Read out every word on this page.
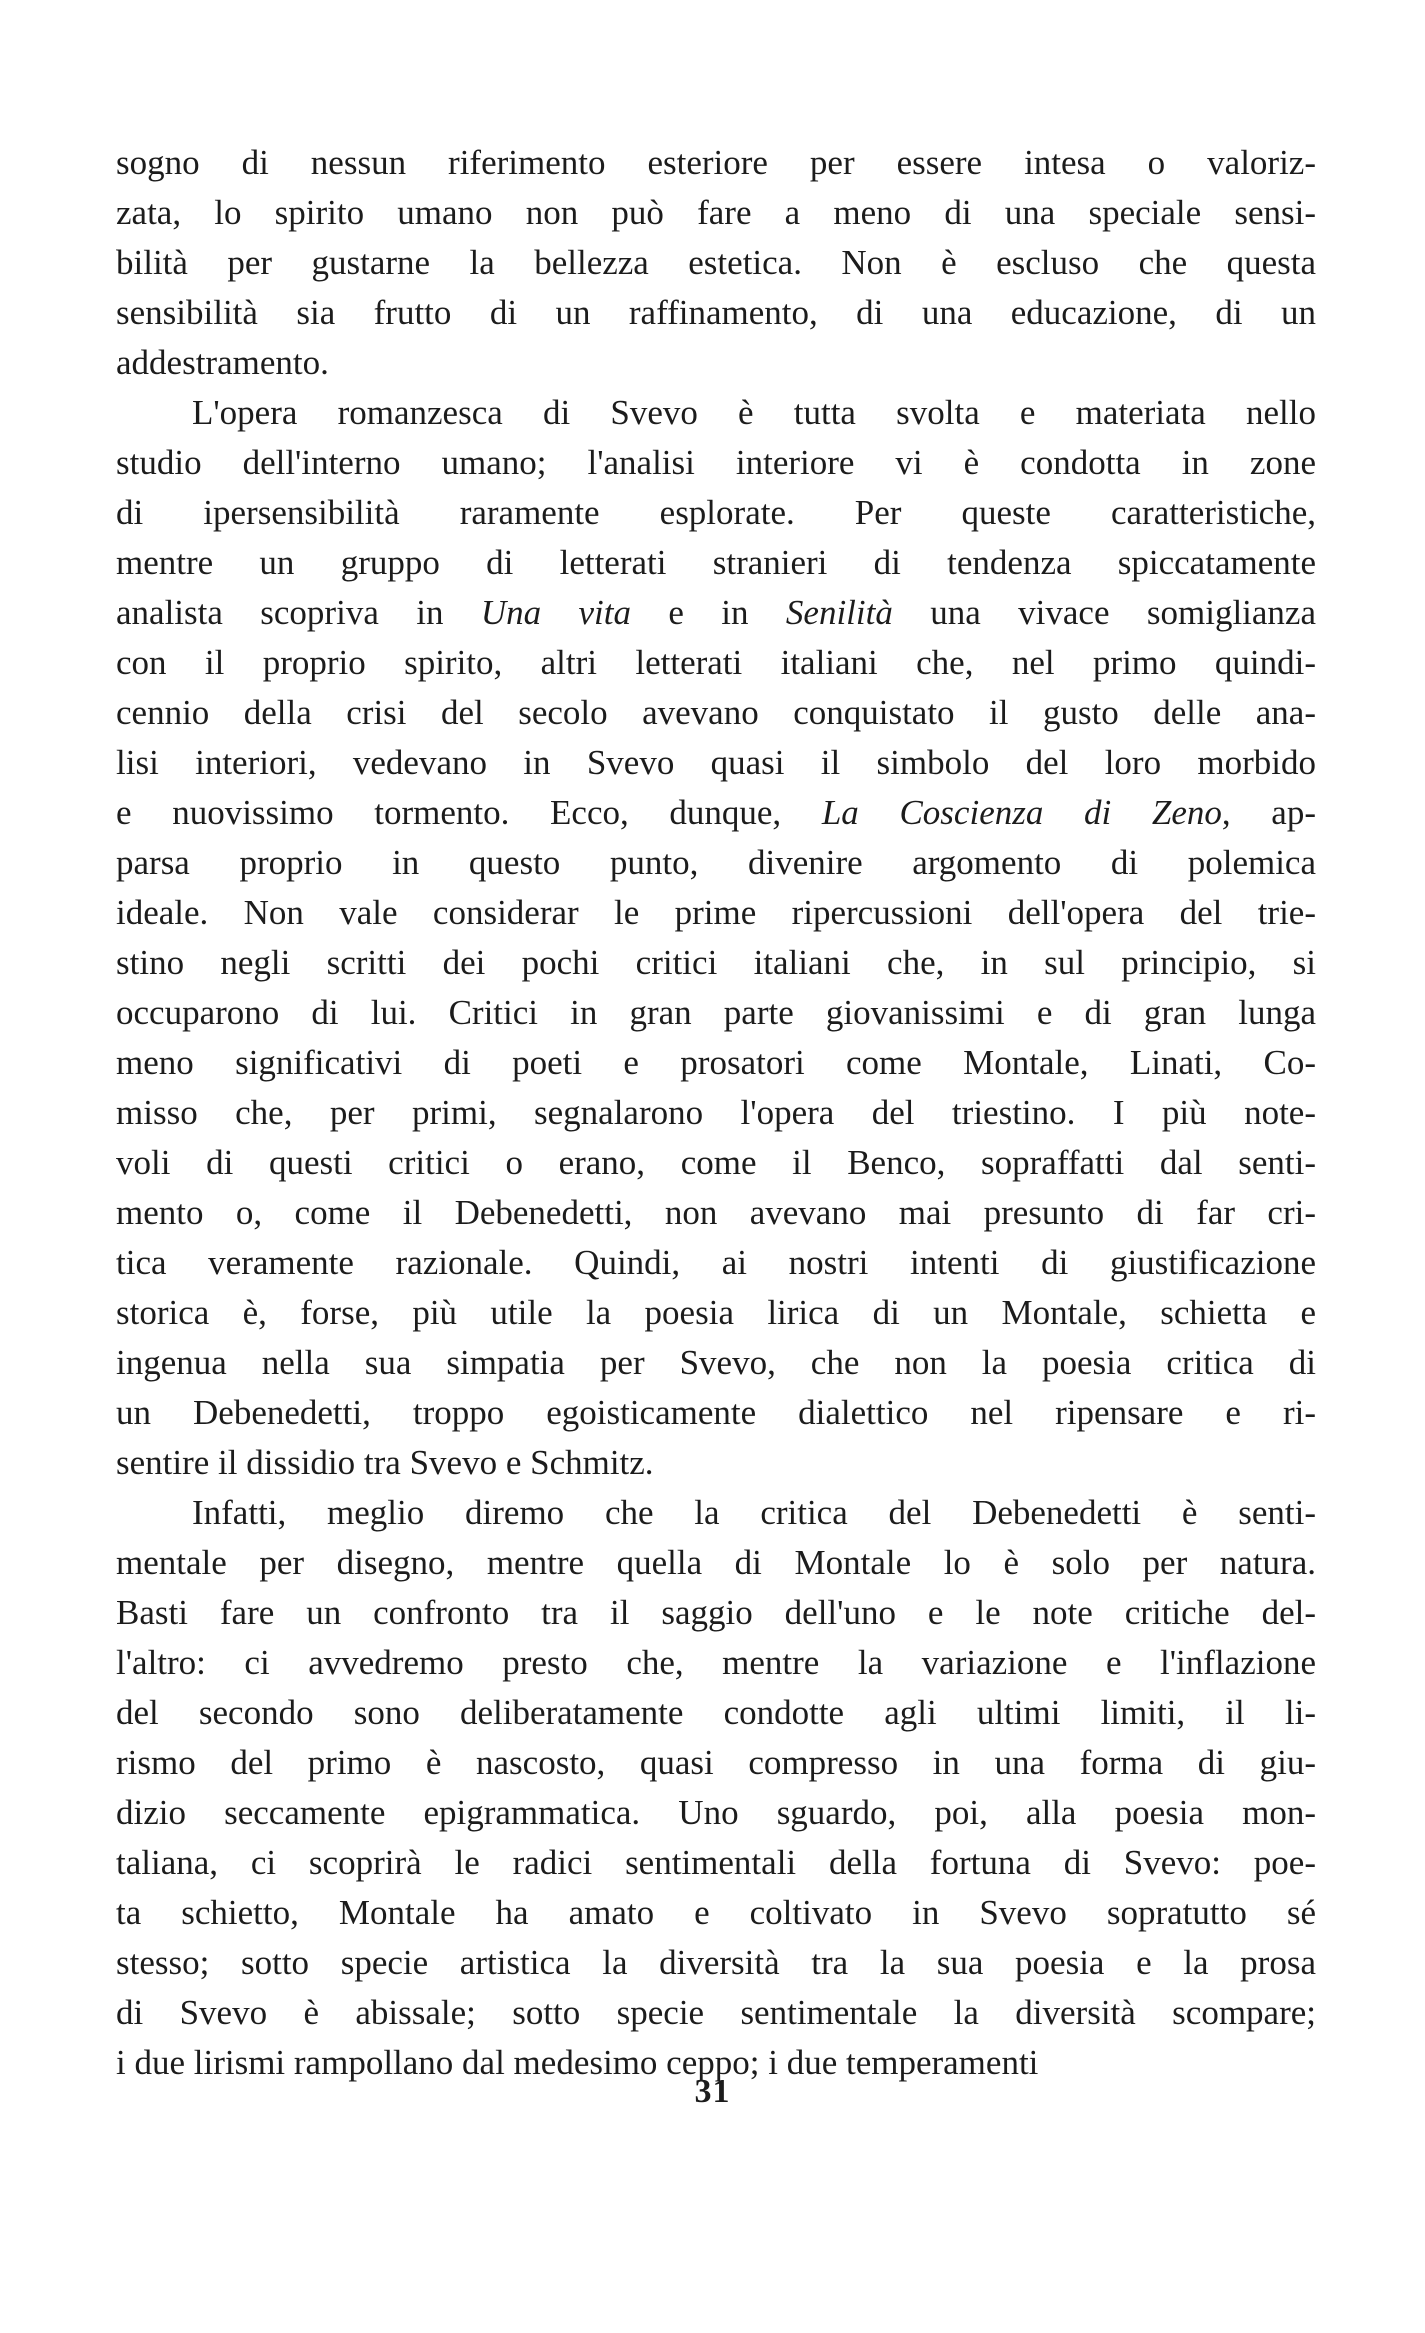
sogno di nessun riferimento esteriore per essere intesa o valoriz-
zata, lo spirito umano non può fare a meno di una speciale sensi-
bilità per gustarne la bellezza estetica. Non è escluso che questa
sensibilità sia frutto di un raffinamento, di una educazione, di un
addestramento.
L'opera romanzesca di Svevo è tutta svolta e materiata nello
studio dell'interno umano; l'analisi interiore vi è condotta in zone
di ipersensibilità raramente esplorate. Per queste caratteristiche,
mentre un gruppo di letterati stranieri di tendenza spiccatamente
analista scopriva in Una vita e in Senilità una vivace somiglianza
con il proprio spirito, altri letterati italiani che, nel primo quindi-
cennio della crisi del secolo avevano conquistato il gusto delle ana-
lisi interiori, vedevano in Svevo quasi il simbolo del loro morbido
e nuovissimo tormento. Ecco, dunque, La Coscienza di Zeno, ap-
parsa proprio in questo punto, divenire argomento di polemica
ideale. Non vale considerar le prime ripercussioni dell'opera del trie-
stino negli scritti dei pochi critici italiani che, in sul principio, si
occuparono di lui. Critici in gran parte giovanissimi e di gran lunga
meno significativi di poeti e prosatori come Montale, Linati, Co-
misso che, per primi, segnalarono l'opera del triestino. I più note-
voli di questi critici o erano, come il Benco, sopraffatti dal senti-
mento o, come il Debenedetti, non avevano mai presunto di far cri-
tica veramente razionale. Quindi, ai nostri intenti di giustificazione
storica è, forse, più utile la poesia lirica di un Montale, schietta e
ingenua nella sua simpatia per Svevo, che non la poesia critica di
un Debenedetti, troppo egoisticamente dialettico nel ripensare e ri-
sentire il dissidio tra Svevo e Schmitz.
Infatti, meglio diremo che la critica del Debenedetti è senti-
mentale per disegno, mentre quella di Montale lo è solo per natura.
Basti fare un confronto tra il saggio dell'uno e le note critiche del-
l'altro: ci avvedremo presto che, mentre la variazione e l'inflazione
del secondo sono deliberatamente condotte agli ultimi limiti, il li-
rismo del primo è nascosto, quasi compresso in una forma di giu-
dizio seccamente epigrammatica. Uno sguardo, poi, alla poesia mon-
taliana, ci scoprirà le radici sentimentali della fortuna di Svevo: poe-
ta schietto, Montale ha amato e coltivato in Svevo sopratutto sé
stesso; sotto specie artistica la diversità tra la sua poesia e la prosa
di Svevo è abissale; sotto specie sentimentale la diversità scompare;
i due lirismi rampollano dal medesimo ceppo; i due temperamenti
31
